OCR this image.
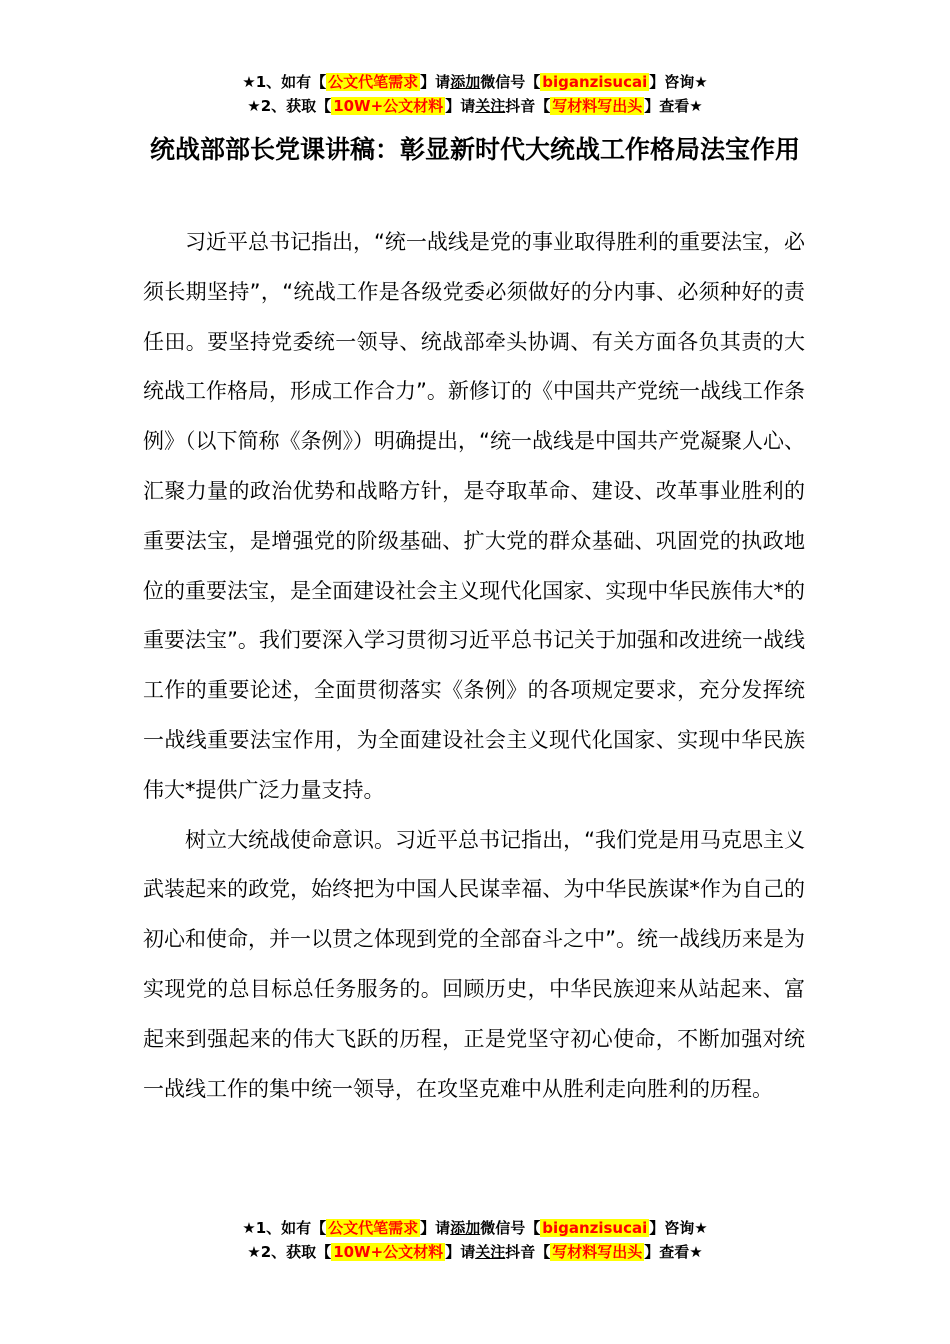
★1、如有【 公文代笔需求 】请添加微信号【 biganzisucai 】咨询★
★2、获取【 10W+公文材料 】请关注抖音【 写材料写出头 】查看★
统战部部长党课讲稿：彰显新时代大统战工作格局法宝作用

习近平总书记指出，“统一战线是党的事业取得胜利的重要法宝，必须长期坚持”，“统战工作是各级党委必须做好的分内事、必须种好的责任田。要坚持党委统一领导、统战部牵头协调、有关方面各负其责的大统战工作格局，形成工作合力”。新修订的《中国共产党统一战线工作条例》（以下简称《条例》）明确提出，“统一战线是中国共产党凝聚人心、汇聚力量的政治优势和战略方针，是夺取革命、建设、改革事业胜利的重要法宝，是增强党的阶级基础、扩大党的群众基础、巩固党的执政地位的重要法宝，是全面建设社会主义现代化国家、实现中华民族伟大*的重要法宝”。我们要深入学习贯彻习近平总书记关于加强和改进统一战线工作的重要论述，全面贯彻落实《条例》的各项规定要求，充分发挥统一战线重要法宝作用，为全面建设社会主义现代化国家、实现中华民族伟大*提供广泛力量支持。

树立大统战使命意识。习近平总书记指出，“我们党是用马克思主义武装起来的政党，始终把为中国人民谋幸福、为中华民族谋*作为自己的初心和使命，并一以贯之体现到党的全部奋斗之中”。统一战线历来是为实现党的总目标总任务服务的。回顾历史，中华民族迎来从站起来、富起来到强起来的伟大飞跃的历程，正是党坚守初心使命，不断加强对统一战线工作的集中统一领导，在攻坚克难中从胜利走向胜利的历程。

★1、如有【 公文代笔需求 】请添加微信号【 biganzisucai 】咨询★
★2、获取【 10W+公文材料 】请关注抖音【 写材料写出头 】查看★
